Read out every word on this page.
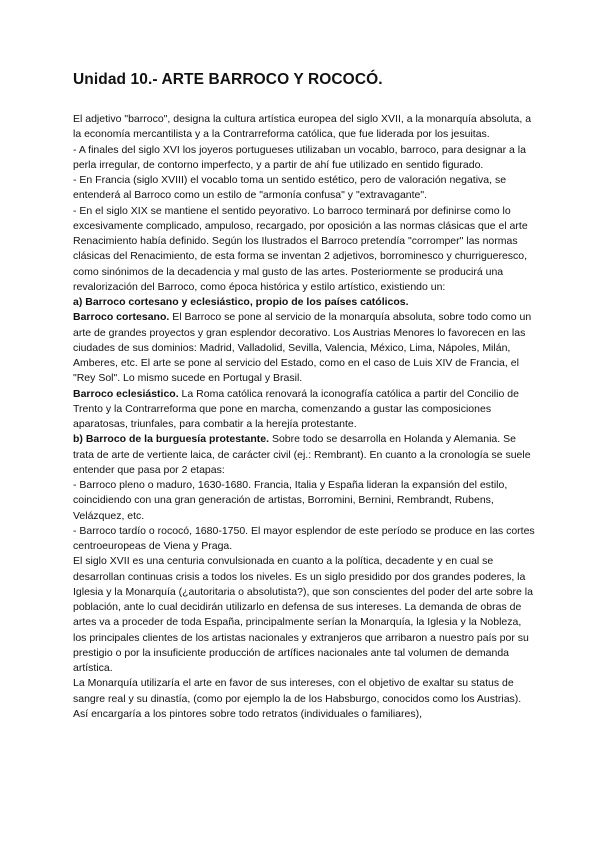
Unidad 10.- ARTE BARROCO Y ROCOCÓ.

El adjetivo "barroco", designa la cultura artística europea del siglo XVII, a la monarquía absoluta, a la economía mercantilista y a la Contrarreforma católica, que fue liderada por los jesuitas.

- A finales del siglo XVI los joyeros portugueses utilizaban un vocablo, barroco, para designar a la perla irregular, de contorno imperfecto, y a partir de ahí fue utilizado en sentido figurado.

- En Francia (siglo XVIII) el vocablo toma un sentido estético, pero de valoración negativa, se entenderá al Barroco como un estilo de "armonía confusa" y "extravagante".

- En el siglo XIX se mantiene el sentido peyorativo. Lo barroco terminará por definirse como lo excesivamente complicado, ampuloso, recargado, por oposición a las normas clásicas que el arte Renacimiento había definido. Según los Ilustrados el Barroco pretendía "corromper" las normas clásicas del Renacimiento, de esta forma se inventan 2 adjetivos, borrominesco y churrigueresco, como sinónimos de la decadencia y mal gusto de las artes. Posteriormente se producirá una revalorización del Barroco, como época histórica y estilo artístico, existiendo un:

a) Barroco cortesano y eclesiástico, propio de los países católicos.

Barroco cortesano. El Barroco se pone al servicio de la monarquía absoluta, sobre todo como un arte de grandes proyectos y gran esplendor decorativo. Los Austrias Menores lo favorecen en las ciudades de sus dominios: Madrid, Valladolid, Sevilla, Valencia, México, Lima, Nápoles, Milán, Amberes, etc. El arte se pone al servicio del Estado, como en el caso de Luis XIV de Francia, el "Rey Sol". Lo mismo sucede en Portugal y Brasil.

Barroco eclesiástico. La Roma católica renovará la iconografía católica a partir del Concilio de Trento y la Contrarreforma que pone en marcha, comenzando a gustar las composiciones aparatosas, triunfales, para combatir a la herejía protestante.

b) Barroco de la burguesía protestante. Sobre todo se desarrolla en Holanda y Alemania. Se trata de arte de vertiente laica, de carácter civil (ej.: Rembrant). En cuanto a la cronología se suele entender que pasa por 2 etapas:

- Barroco pleno o maduro, 1630-1680. Francia, Italia y España lideran la expansión del estilo, coincidiendo con una gran generación de artistas, Borromini, Bernini, Rembrandt, Rubens, Velázquez, etc.

- Barroco tardío o rococó, 1680-1750. El mayor esplendor de este período se produce en las cortes centroeuropeas de Viena y Praga.

El siglo XVII es una centuria convulsionada en cuanto a la política, decadente y en cual se desarrollan continuas crisis a todos los niveles. Es un siglo presidido por dos grandes poderes, la Iglesia y la Monarquía (¿autoritaria o absolutista?), que son conscientes del poder del arte sobre la población, ante lo cual decidirán utilizarlo en defensa de sus intereses. La demanda de obras de artes va a proceder de toda España, principalmente serían la Monarquía, la Iglesia y la Nobleza, los principales clientes de los artistas nacionales y extranjeros que arribaron a nuestro país por su prestigio o por la insuficiente producción de artífices nacionales ante tal volumen de demanda artística.

La Monarquía utilizaría el arte en favor de sus intereses, con el objetivo de exaltar su status de sangre real y su dinastía, (como por ejemplo la de los Habsburgo, conocidos como los Austrias). Así encargaría a los pintores sobre todo retratos (individuales o familiares),
